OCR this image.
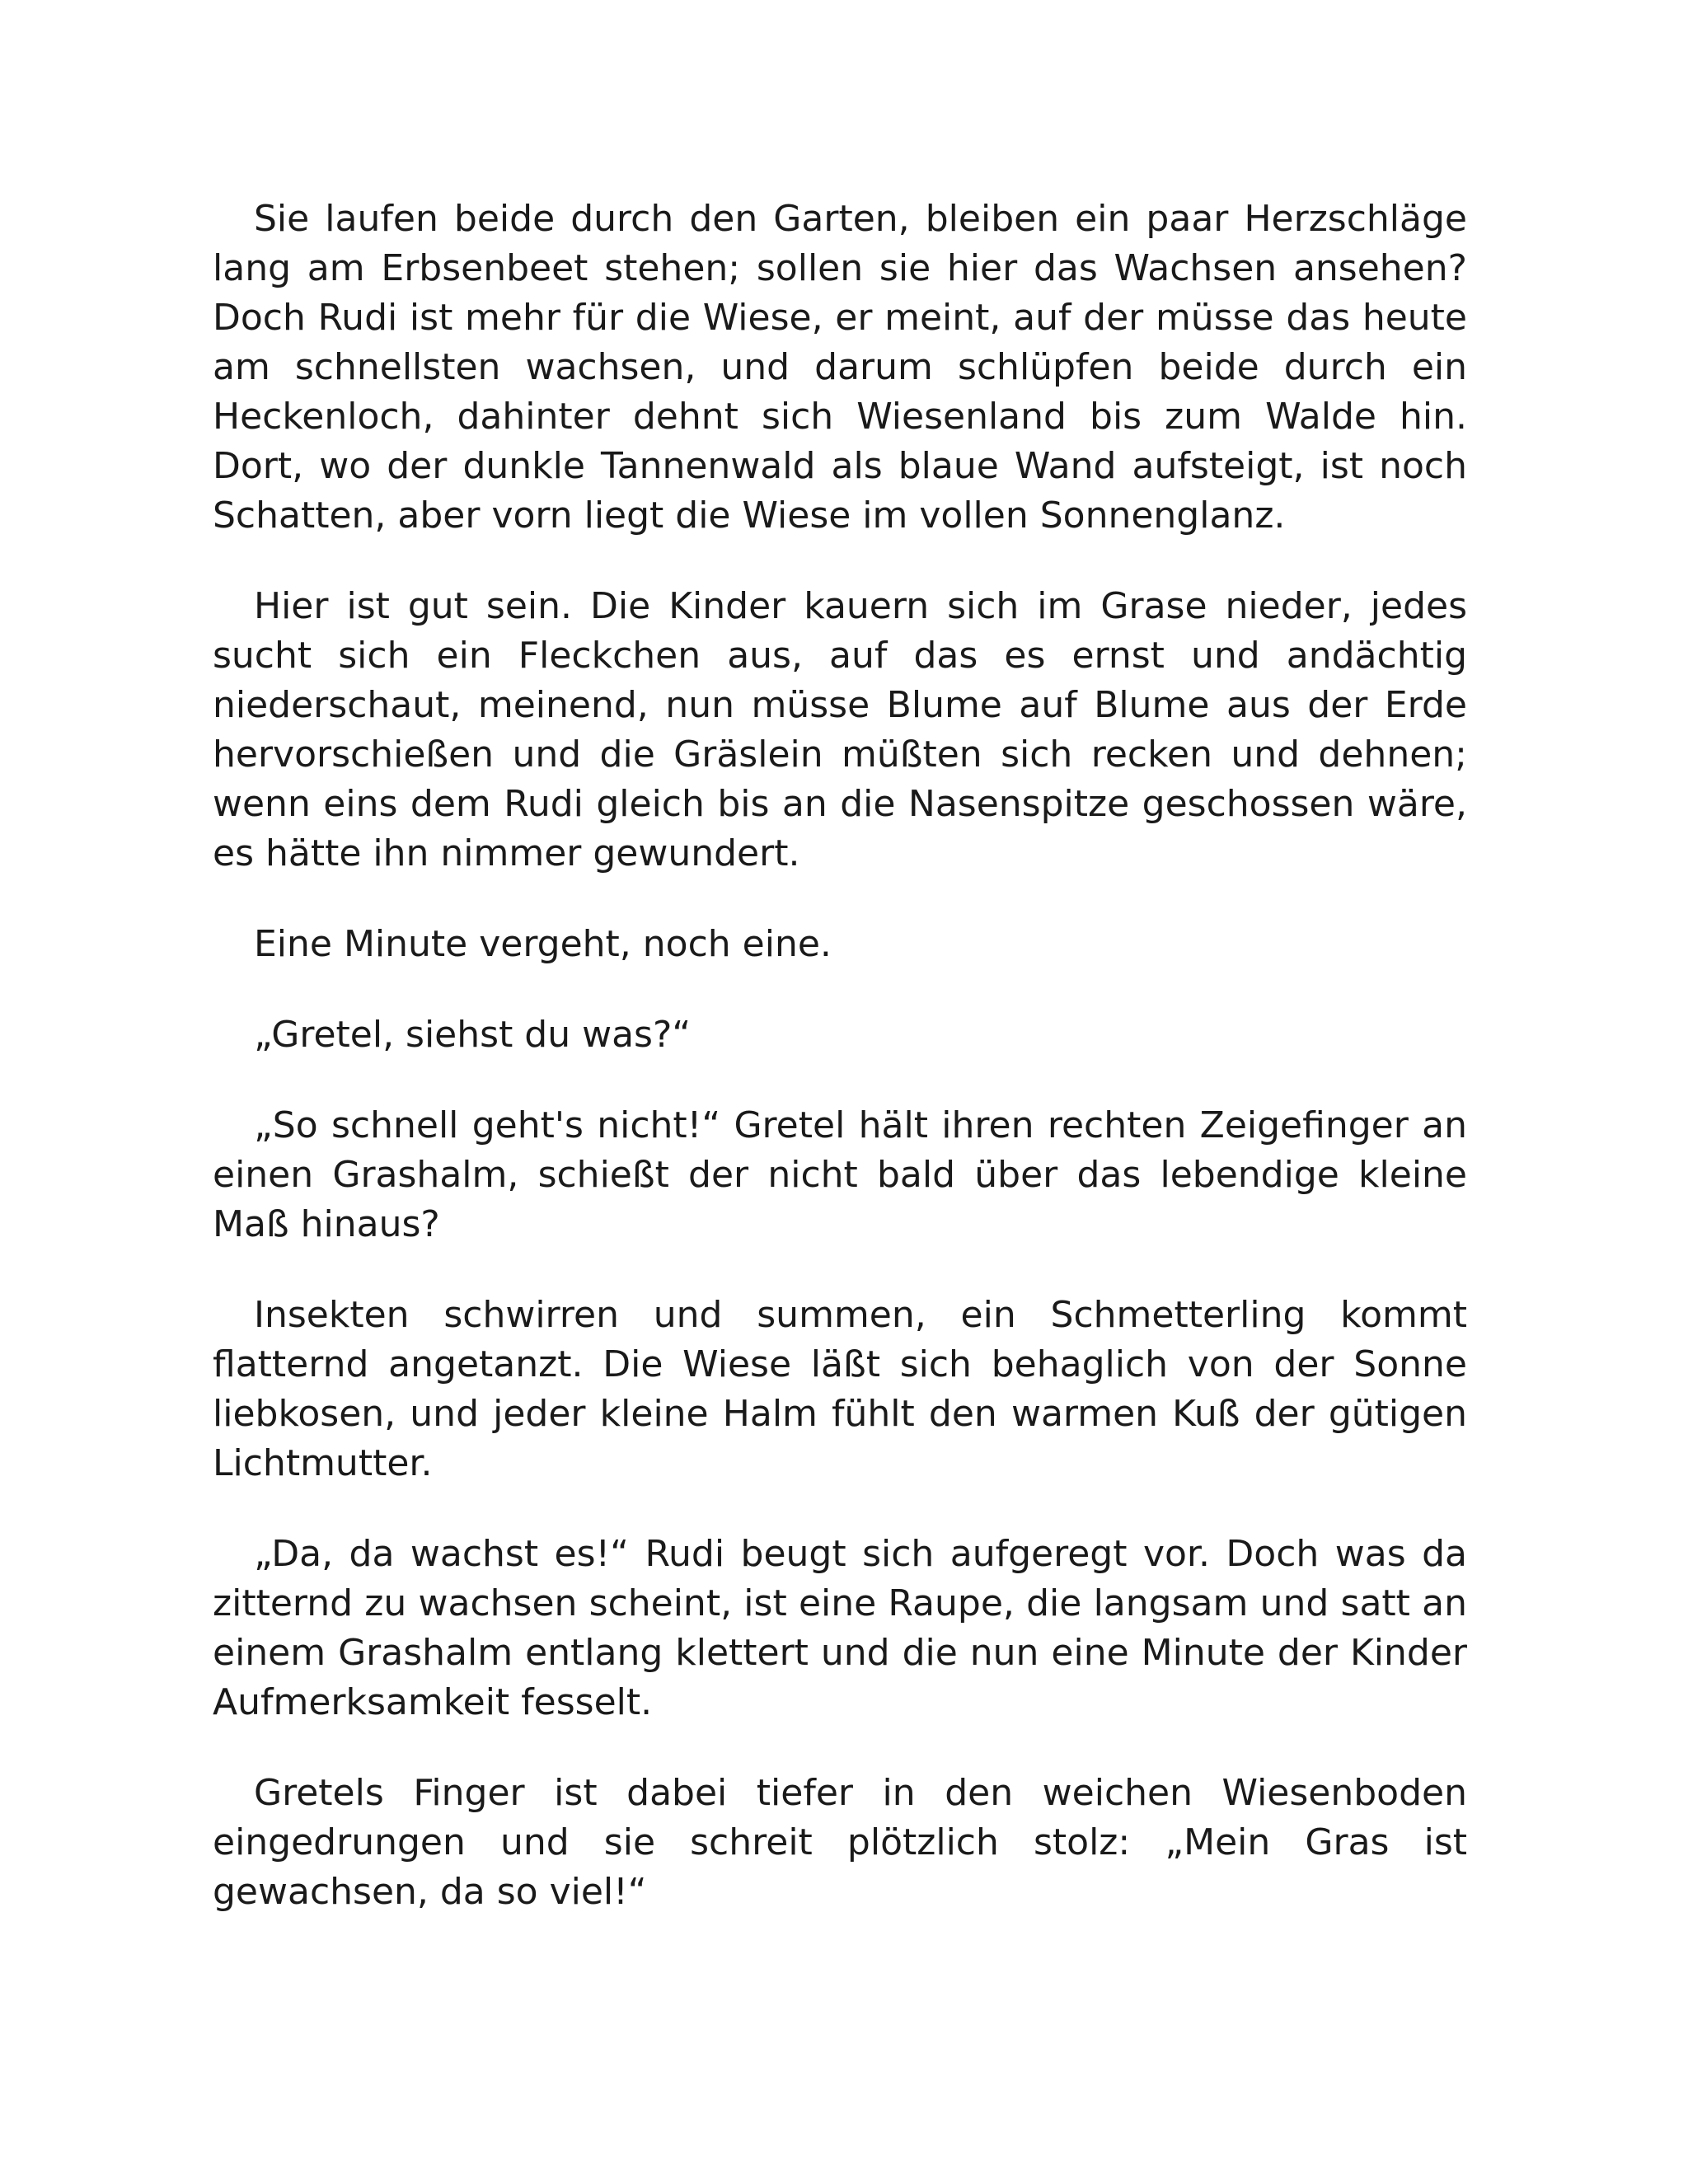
Sie laufen beide durch den Garten, bleiben ein paar Herzschläge lang am Erbsenbeet stehen; sollen sie hier das Wachsen ansehen? Doch Rudi ist mehr für die Wiese, er meint, auf der müsse das heute am schnellsten wachsen, und darum schlüpfen beide durch ein Heckenloch, dahinter dehnt sich Wiesenland bis zum Walde hin. Dort, wo der dunkle Tannenwald als blaue Wand aufsteigt, ist noch Schatten, aber vorn liegt die Wiese im vollen Sonnenglanz.

Hier ist gut sein. Die Kinder kauern sich im Grase nieder, jedes sucht sich ein Fleckchen aus, auf das es ernst und andächtig niederschaut, meinend, nun müsse Blume auf Blume aus der Erde hervorschießen und die Gräslein müßten sich recken und dehnen; wenn eins dem Rudi gleich bis an die Nasenspitze geschossen wäre, es hätte ihn nimmer gewundert.

Eine Minute vergeht, noch eine.

„Gretel, siehst du was?“

„So schnell geht's nicht!“ Gretel hält ihren rechten Zeigefinger an einen Grashalm, schießt der nicht bald über das lebendige kleine Maß hinaus?

Insekten schwirren und summen, ein Schmetterling kommt flatternd angetanzt. Die Wiese läßt sich behaglich von der Sonne liebkosen, und jeder kleine Halm fühlt den warmen Kuß der gütigen Lichtmutter.

„Da, da wachst es!“ Rudi beugt sich aufgeregt vor. Doch was da zitternd zu wachsen scheint, ist eine Raupe, die langsam und satt an einem Grashalm entlang klettert und die nun eine Minute der Kinder Aufmerksamkeit fesselt.

Gretels Finger ist dabei tiefer in den weichen Wiesenboden eingedrungen und sie schreit plötzlich stolz: „Mein Gras ist gewachsen, da so viel!“
